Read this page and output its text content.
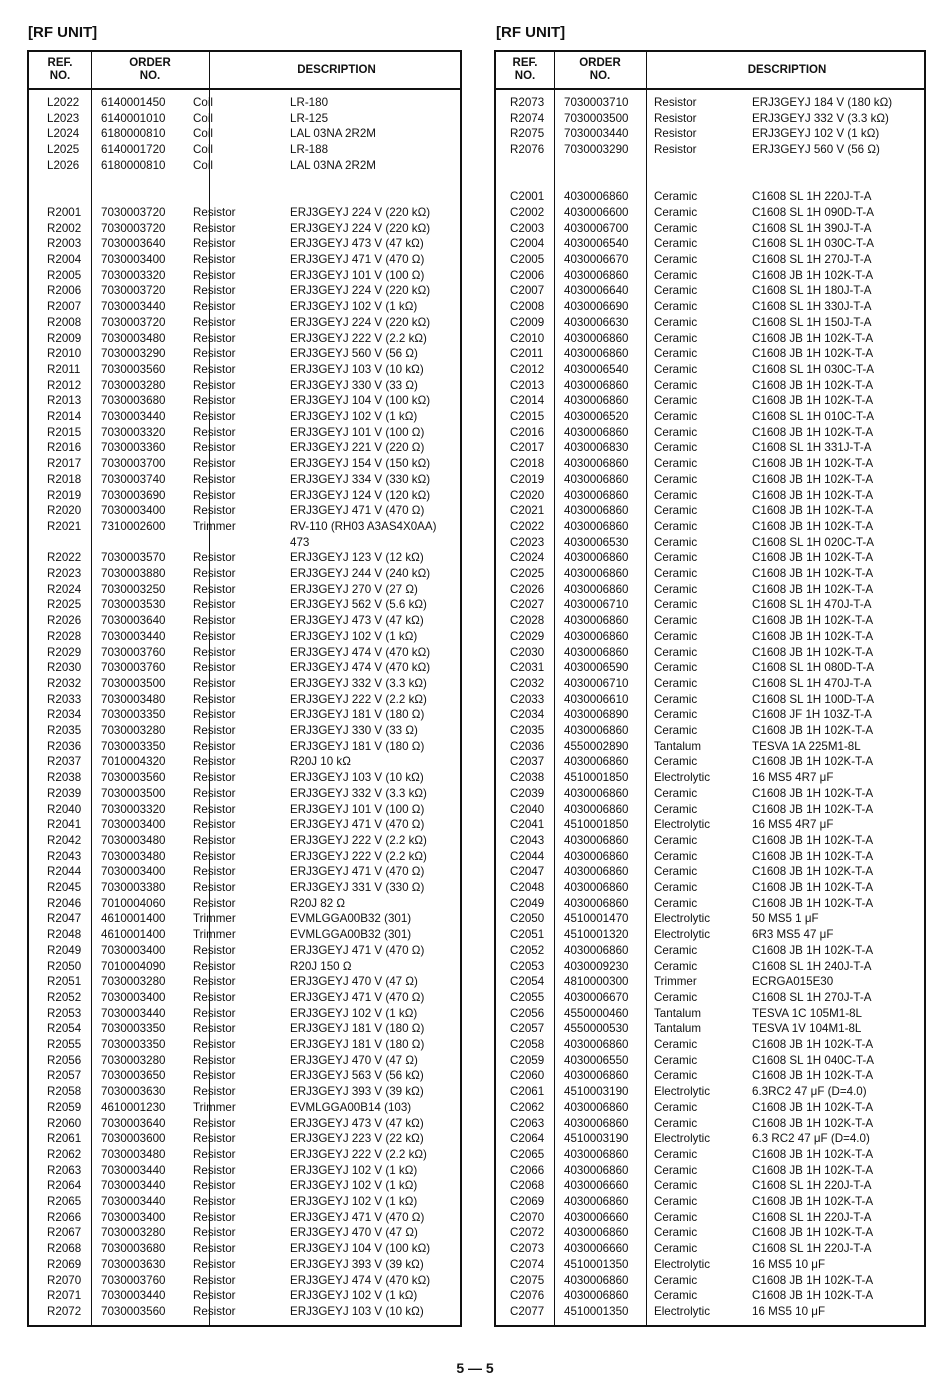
[RF UNIT]
REF.
NO.
ORDER
NO.
DESCRIPTION
L2022 6140001450 Coil	LR-180
L2023 6140001010 Coil	LR-125
L2024 6180000810 Coil	LAL 03NA 2R2M
L2025 6140001720 Coil	LR-188
L2026 6180000810 Coil	LAL 03NA 2R2M
R2001 7030003720 Resistor	ERJ3GEYJ 224 V (220 kΩ)
R2002 7030003720 Resistor	ERJ3GEYJ 224 V (220 kΩ)
R2003 7030003640 Resistor	ERJ3GEYJ 473 V (47 kΩ)
R2004 7030003400 Resistor	ERJ3GEYJ 471 V (470 Ω)
R2005 7030003320 Resistor	ERJ3GEYJ 101 V (100 Ω)
R2006 7030003720 Resistor	ERJ3GEYJ 224 V (220 kΩ)
R2007 7030003440 Resistor	ERJ3GEYJ 102 V (1 kΩ)
R2008 7030003720 Resistor	ERJ3GEYJ 224 V (220 kΩ)
R2009 7030003480 Resistor	ERJ3GEYJ 222 V (2.2 kΩ)
R2010 7030003290 Resistor	ERJ3GEYJ 560 V (56 Ω)
R2011 7030003560 Resistor	ERJ3GEYJ 103 V (10 kΩ)
R2012 7030003280 Resistor	ERJ3GEYJ 330 V (33 Ω)
R2013 7030003680 Resistor	ERJ3GEYJ 104 V (100 kΩ)
R2014 7030003440 Resistor	ERJ3GEYJ 102 V (1 kΩ)
R2015 7030003320 Resistor	ERJ3GEYJ 101 V (100 Ω)
R2016 7030003360 Resistor	ERJ3GEYJ 221 V (220 Ω)
R2017 7030003700 Resistor	ERJ3GEYJ 154 V (150 kΩ)
R2018 7030003740 Resistor	ERJ3GEYJ 334 V (330 kΩ)
R2019 7030003690 Resistor	ERJ3GEYJ 124 V (120 kΩ)
R2020 7030003400 Resistor	ERJ3GEYJ 471 V (470 Ω)
R2021 7310002600 Trimmer	RV-110 (RH03 A3AS4X0AA)
473
R2022 7030003570 Resistor	ERJ3GEYJ 123 V (12 kΩ)
R2023 7030003880 Resistor	ERJ3GEYJ 244 V (240 kΩ)
R2024 7030003250 Resistor	ERJ3GEYJ 270 V (27 Ω)
R2025 7030003530 Resistor	ERJ3GEYJ 562 V (5.6 kΩ)
R2026 7030003640 Resistor	ERJ3GEYJ 473 V (47 kΩ)
R2028 7030003440 Resistor	ERJ3GEYJ 102 V (1 kΩ)
R2029 7030003760 Resistor	ERJ3GEYJ 474 V (470 kΩ)
R2030 7030003760 Resistor	ERJ3GEYJ 474 V (470 kΩ)
R2032 7030003500 Resistor	ERJ3GEYJ 332 V (3.3 kΩ)
R2033 7030003480 Resistor	ERJ3GEYJ 222 V (2.2 kΩ)
R2034 7030003350 Resistor	ERJ3GEYJ 181 V (180 Ω)
R2035 7030003280 Resistor	ERJ3GEYJ 330 V (33 Ω)
R2036 7030003350 Resistor	ERJ3GEYJ 181 V (180 Ω)
R2037 7010004320 Resistor	R20J 10 kΩ
R2038 7030003560 Resistor	ERJ3GEYJ 103 V (10 kΩ)
R2039 7030003500 Resistor	ERJ3GEYJ 332 V (3.3 kΩ)
R2040 7030003320 Resistor	ERJ3GEYJ 101 V (100 Ω)
R2041 7030003400 Resistor	ERJ3GEYJ 471 V (470 Ω)
R2042 7030003480 Resistor	ERJ3GEYJ 222 V (2.2 kΩ)
R2043 7030003480 Resistor	ERJ3GEYJ 222 V (2.2 kΩ)
R2044 7030003400 Resistor	ERJ3GEYJ 471 V (470 Ω)
R2045 7030003380 Resistor	ERJ3GEYJ 331 V (330 Ω)
R2046 7010004060 Resistor	R20J 82 Ω
R2047 4610001400 Trimmer	EVMLGGA00B32 (301)
R2048 4610001400 Trimmer	EVMLGGA00B32 (301)
R2049 7030003400 Resistor	ERJ3GEYJ 471 V (470 Ω)
R2050 7010004090 Resistor	R20J 150 Ω
R2051 7030003280 Resistor	ERJ3GEYJ 470 V (47 Ω)
R2052 7030003400 Resistor	ERJ3GEYJ 471 V (470 Ω)
R2053 7030003440 Resistor	ERJ3GEYJ 102 V (1 kΩ)
R2054 7030003350 Resistor	ERJ3GEYJ 181 V (180 Ω)
R2055 7030003350 Resistor	ERJ3GEYJ 181 V (180 Ω)
R2056 7030003280 Resistor	ERJ3GEYJ 470 V (47 Ω)
R2057 7030003650 Resistor	ERJ3GEYJ 563 V (56 kΩ)
R2058 7030003630 Resistor	ERJ3GEYJ 393 V (39 kΩ)
R2059 4610001230 Trimmer	EVMLGGA00B14 (103)
R2060 7030003640 Resistor	ERJ3GEYJ 473 V (47 kΩ)
R2061 7030003600 Resistor	ERJ3GEYJ 223 V (22 kΩ)
R2062 7030003480 Resistor	ERJ3GEYJ 222 V (2.2 kΩ)
R2063 7030003440 Resistor	ERJ3GEYJ 102 V (1 kΩ)
R2064 7030003440 Resistor	ERJ3GEYJ 102 V (1 kΩ)
R2065 7030003440 Resistor	ERJ3GEYJ 102 V (1 kΩ)
R2066 7030003400 Resistor	ERJ3GEYJ 471 V (470 Ω)
R2067 7030003280 Resistor	ERJ3GEYJ 470 V (47 Ω)
R2068 7030003680 Resistor	ERJ3GEYJ 104 V (100 kΩ)
R2069 7030003630 Resistor	ERJ3GEYJ 393 V (39 kΩ)
R2070 7030003760 Resistor	ERJ3GEYJ 474 V (470 kΩ)
R2071 7030003440 Resistor	ERJ3GEYJ 102 V (1 kΩ)
R2072 7030003560 Resistor	ERJ3GEYJ 103 V (10 kΩ)
[RF UNIT]
REF.
NO.
ORDER
NO.
DESCRIPTION
R2073 7030003710 Resistor	ERJ3GEYJ 184 V (180 kΩ)
R2074 7030003500 Resistor	ERJ3GEYJ 332 V (3.3 kΩ)
R2075 7030003440 Resistor	ERJ3GEYJ 102 V (1 kΩ)
R2076 7030003290 Resistor	ERJ3GEYJ 560 V (56 Ω)
C2001 4030006860 Ceramic	C1608 SL 1H 220J-T-A
C2002 4030006600 Ceramic	C1608 SL 1H 090D-T-A
C2003 4030006700 Ceramic	C1608 SL 1H 390J-T-A
C2004 4030006540 Ceramic	C1608 SL 1H 030C-T-A
C2005 4030006670 Ceramic	C1608 SL 1H 270J-T-A
C2006 4030006860 Ceramic	C1608 JB 1H 102K-T-A
C2007 4030006640 Ceramic	C1608 SL 1H 180J-T-A
C2008 4030006690 Ceramic	C1608 SL 1H 330J-T-A
C2009 4030006630 Ceramic	C1608 SL 1H 150J-T-A
C2010 4030006860 Ceramic	C1608 JB 1H 102K-T-A
C2011 4030006860 Ceramic	C1608 JB 1H 102K-T-A
C2012 4030006540 Ceramic	C1608 SL 1H 030C-T-A
C2013 4030006860 Ceramic	C1608 JB 1H 102K-T-A
C2014 4030006860 Ceramic	C1608 JB 1H 102K-T-A
C2015 4030006520 Ceramic	C1608 SL 1H 010C-T-A
C2016 4030006860 Ceramic	C1608 JB 1H 102K-T-A
C2017 4030006830 Ceramic	C1608 SL 1H 331J-T-A
C2018 4030006860 Ceramic	C1608 JB 1H 102K-T-A
C2019 4030006860 Ceramic	C1608 JB 1H 102K-T-A
C2020 4030006860 Ceramic	C1608 JB 1H 102K-T-A
C2021 4030006860 Ceramic	C1608 JB 1H 102K-T-A
C2022 4030006860 Ceramic	C1608 JB 1H 102K-T-A
C2023 4030006530 Ceramic	C1608 SL 1H 020C-T-A
C2024 4030006860 Ceramic	C1608 JB 1H 102K-T-A
C2025 4030006860 Ceramic	C1608 JB 1H 102K-T-A
C2026 4030006860 Ceramic	C1608 JB 1H 102K-T-A
C2027 4030006710 Ceramic	C1608 SL 1H 470J-T-A
C2028 4030006860 Ceramic	C1608 JB 1H 102K-T-A
C2029 4030006860 Ceramic	C1608 JB 1H 102K-T-A
C2030 4030006860 Ceramic	C1608 JB 1H 102K-T-A
C2031 4030006590 Ceramic	C1608 SL 1H 080D-T-A
C2032 4030006710 Ceramic	C1608 SL 1H 470J-T-A
C2033 4030006610 Ceramic	C1608 SL 1H 100D-T-A
C2034 4030006890 Ceramic	C1608 JF 1H 103Z-T-A
C2035 4030006860 Ceramic	C1608 JB 1H 102K-T-A
C2036 4550002890 Tantalum	TESVA 1A 225M1-8L
C2037 4030006860 Ceramic	C1608 JB 1H 102K-T-A
C2038 4510001850 Electrolytic	16 MS5 4R7 μF
C2039 4030006860 Ceramic	C1608 JB 1H 102K-T-A
C2040 4030006860 Ceramic	C1608 JB 1H 102K-T-A
C2041 4510001850 Electrolytic	16 MS5 4R7 μF
C2043 4030006860 Ceramic	C1608 JB 1H 102K-T-A
C2044 4030006860 Ceramic	C1608 JB 1H 102K-T-A
C2047 4030006860 Ceramic	C1608 JB 1H 102K-T-A
C2048 4030006860 Ceramic	C1608 JB 1H 102K-T-A
C2049 4030006860 Ceramic	C1608 JB 1H 102K-T-A
C2050 4510001470 Electrolytic	50 MS5 1 μF
C2051 4510001320 Electrolytic	6R3 MS5 47 μF
C2052 4030006860 Ceramic	C1608 JB 1H 102K-T-A
C2053 4030009230 Ceramic	C1608 SL 1H 240J-T-A
C2054 4810000300 Trimmer	ECRGA015E30
C2055 4030006670 Ceramic	C1608 SL 1H 270J-T-A
C2056 4550000460 Tantalum	TESVA 1C 105M1-8L
C2057 4550000530 Tantalum	TESVA 1V 104M1-8L
C2058 4030006860 Ceramic	C1608 JB 1H 102K-T-A
C2059 4030006550 Ceramic	C1608 SL 1H 040C-T-A
C2060 4030006860 Ceramic	C1608 JB 1H 102K-T-A
C2061 4510003190 Electrolytic	6.3RC2 47 μF (D=4.0)
C2062 4030006860 Ceramic	C1608 JB 1H 102K-T-A
C2063 4030006860 Ceramic	C1608 JB 1H 102K-T-A
C2064 4510003190 Electrolytic	6.3 RC2 47 μF (D=4.0)
C2065 4030006860 Ceramic	C1608 JB 1H 102K-T-A
C2066 4030006860 Ceramic	C1608 JB 1H 102K-T-A
C2068 4030006660 Ceramic	C1608 SL 1H 220J-T-A
C2069 4030006860 Ceramic	C1608 JB 1H 102K-T-A
C2070 4030006660 Ceramic	C1608 SL 1H 220J-T-A
C2072 4030006860 Ceramic	C1608 JB 1H 102K-T-A
C2073 4030006660 Ceramic	C1608 SL 1H 220J-T-A
C2074 4510001350 Electrolytic	16 MS5 10 μF
C2075 4030006860 Ceramic	C1608 JB 1H 102K-T-A
C2076 4030006860 Ceramic	C1608 JB 1H 102K-T-A
C2077 4510001350 Electrolytic	16 MS5 10 μF
5 — 5
